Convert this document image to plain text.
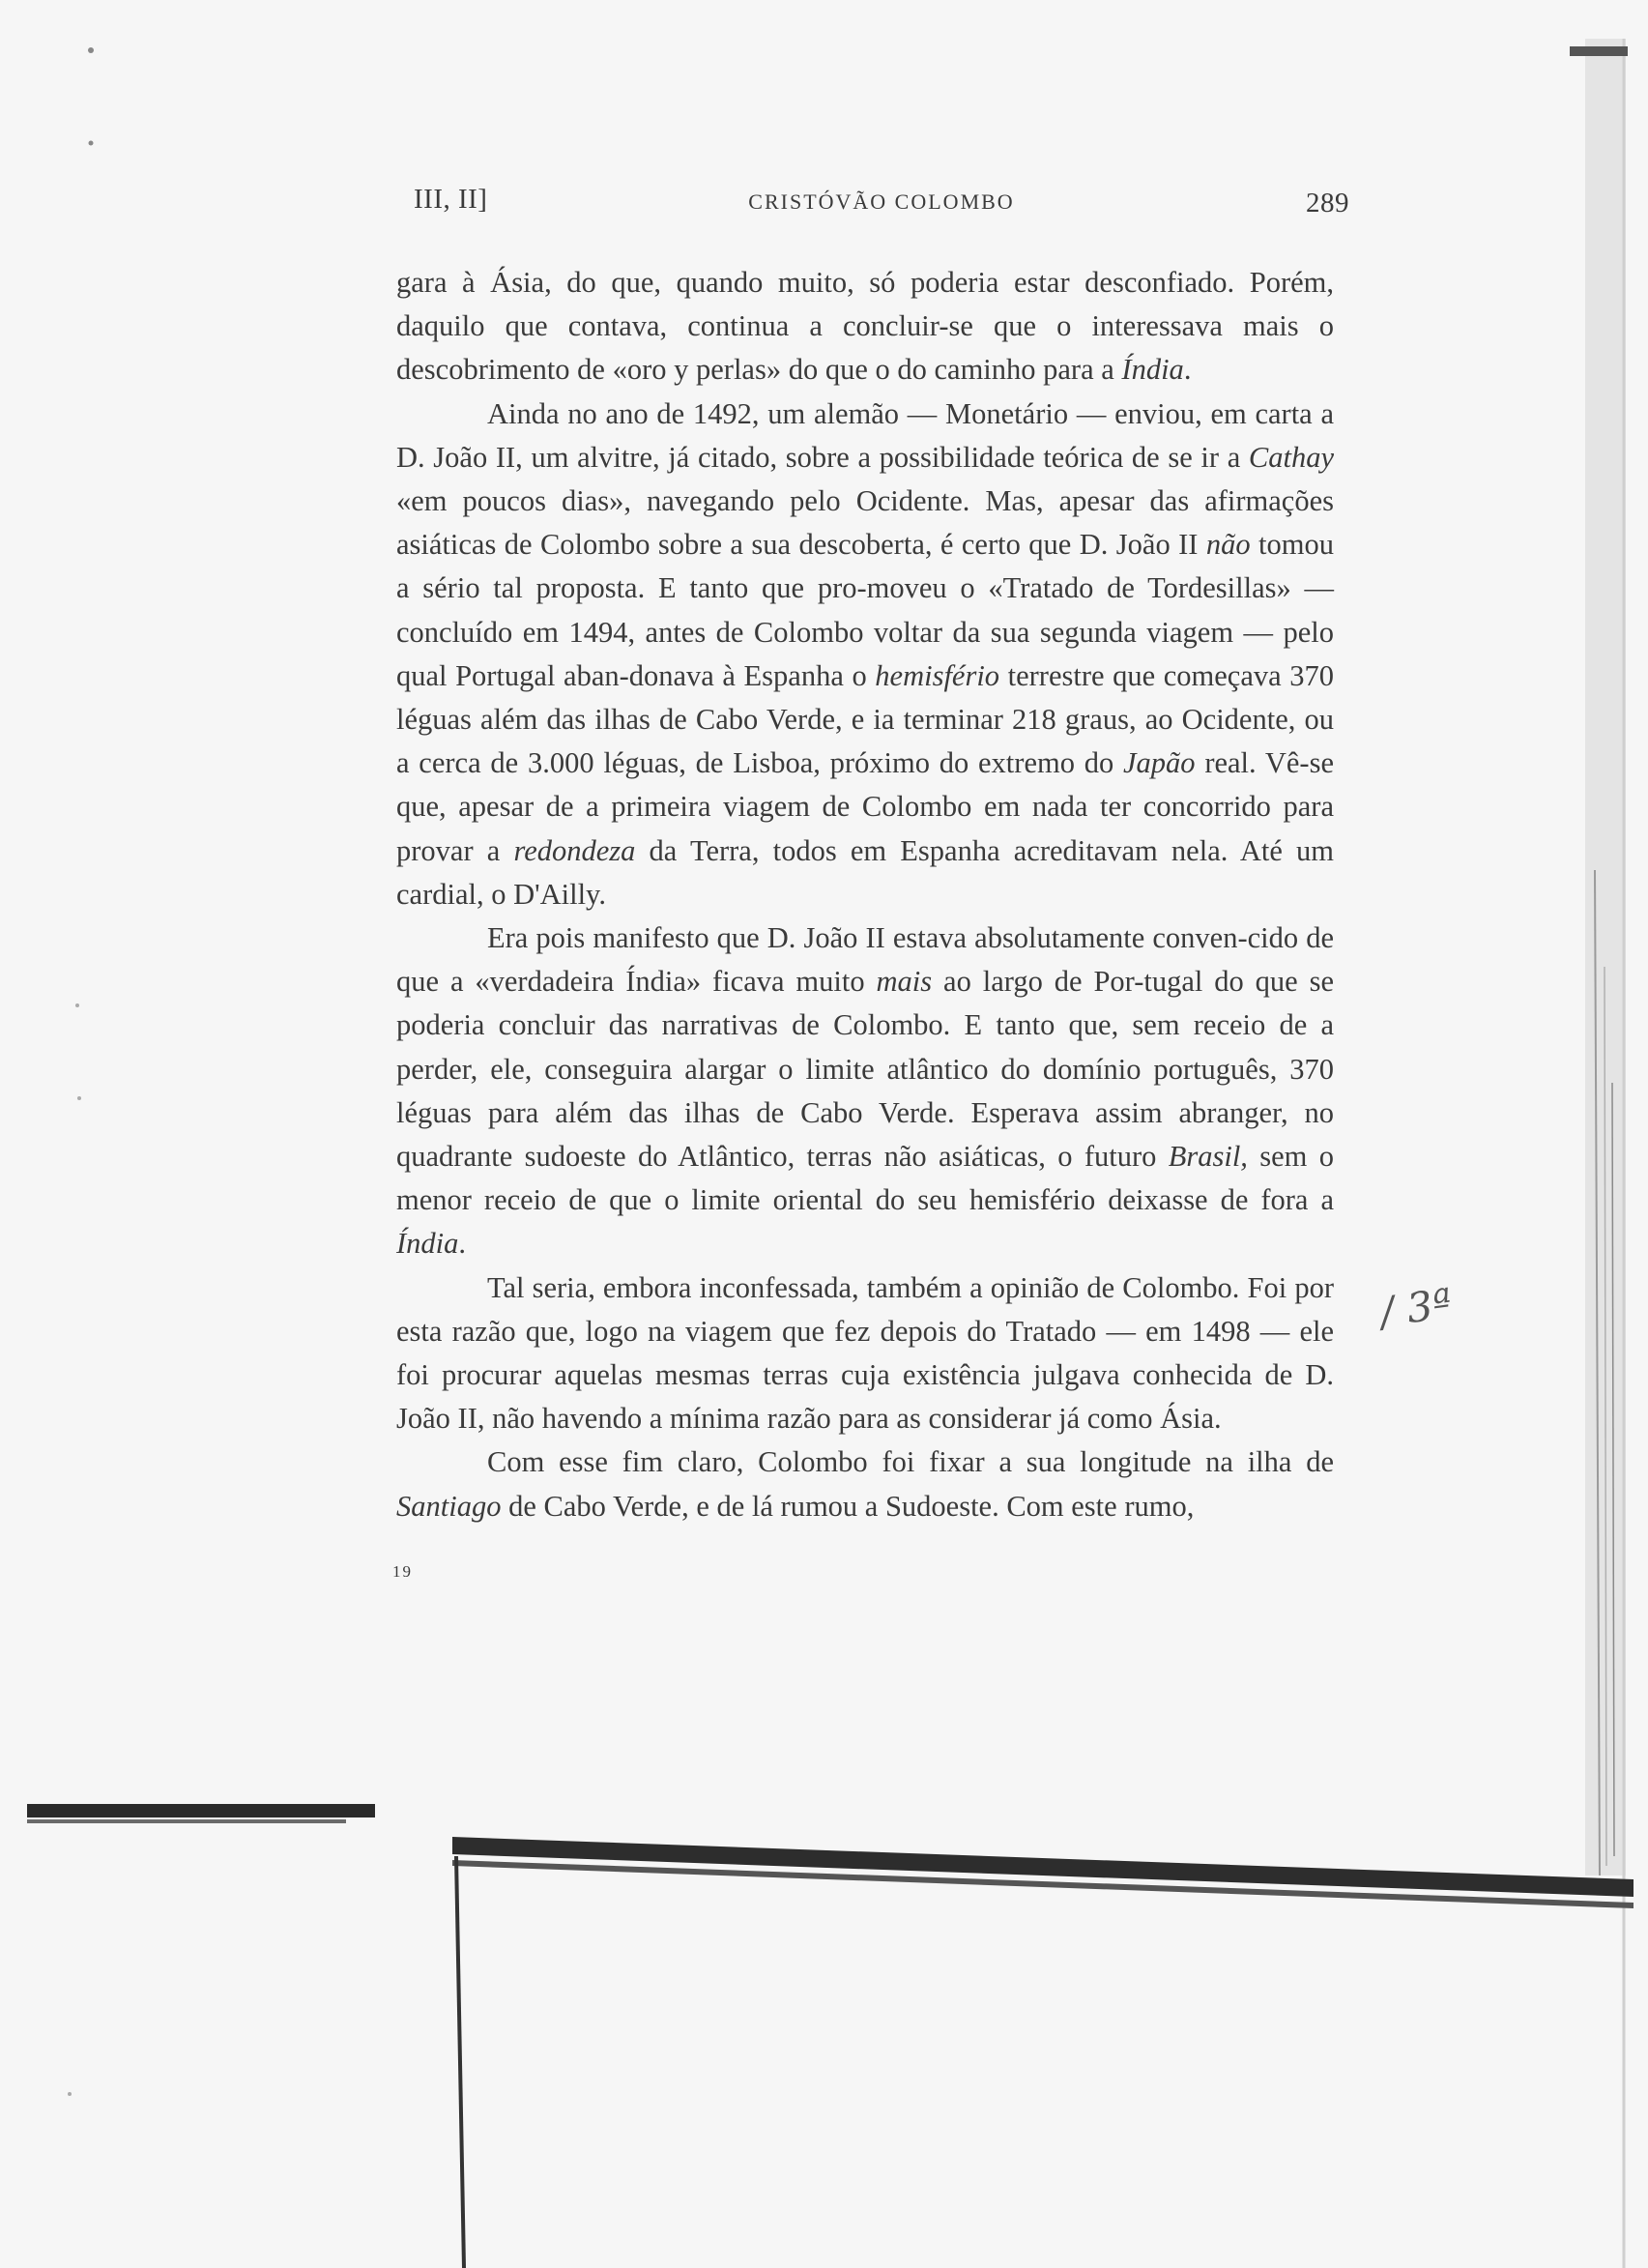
III, II]	CRISTÓVÃO COLOMBO	289

gara à Ásia, do que, quando muito, só poderia estar desconfiado. Porém, daquilo que contava, continua a concluir-se que o interessava mais o descobrimento de «oro y perlas» do que o do caminho para a Índia.

Ainda no ano de 1492, um alemão — Monetário — enviou, em carta a D. João II, um alvitre, já citado, sobre a possibilidade teórica de se ir a Cathay «em poucos dias», navegando pelo Ocidente. Mas, apesar das afirmações asiáticas de Colombo sobre a sua descoberta, é certo que D. João II não tomou a sério tal proposta. E tanto que pro-moveu o «Tratado de Tordesillas» — concluído em 1494, antes de Colombo voltar da sua segunda viagem — pelo qual Portugal aban-donava à Espanha o hemisfério terrestre que começava 370 léguas além das ilhas de Cabo Verde, e ia terminar 218 graus, ao Ocidente, ou a cerca de 3.000 léguas, de Lisboa, próximo do extremo do Japão real. Vê-se que, apesar de a primeira viagem de Colombo em nada ter concorrido para provar a redondeza da Terra, todos em Espanha acreditavam nela. Até um cardial, o D'Ailly.

Era pois manifesto que D. João II estava absolutamente conven-cido de que a «verdadeira Índia» ficava muito mais ao largo de Por-tugal do que se poderia concluir das narrativas de Colombo. E tanto que, sem receio de a perder, ele, conseguira alargar o limite atlântico do domínio português, 370 léguas para além das ilhas de Cabo Verde. Esperava assim abranger, no quadrante sudoeste do Atlântico, terras não asiáticas, o futuro Brasil, sem o menor receio de que o limite oriental do seu hemisfério deixasse de fora a Índia.

Tal seria, embora inconfessada, também a opinião de Colombo. Foi por esta razão que, logo na viagem que fez depois do Tratado — em 1498 — ele foi procurar aquelas mesmas terras cuja existência julgava conhecida de D. João II, não havendo a mínima razão para as considerar já como Ásia.

Com esse fim claro, Colombo foi fixar a sua longitude na ilha de Santiago de Cabo Verde, e de lá rumou a Sudoeste. Com este rumo,

19
/ 3ª
